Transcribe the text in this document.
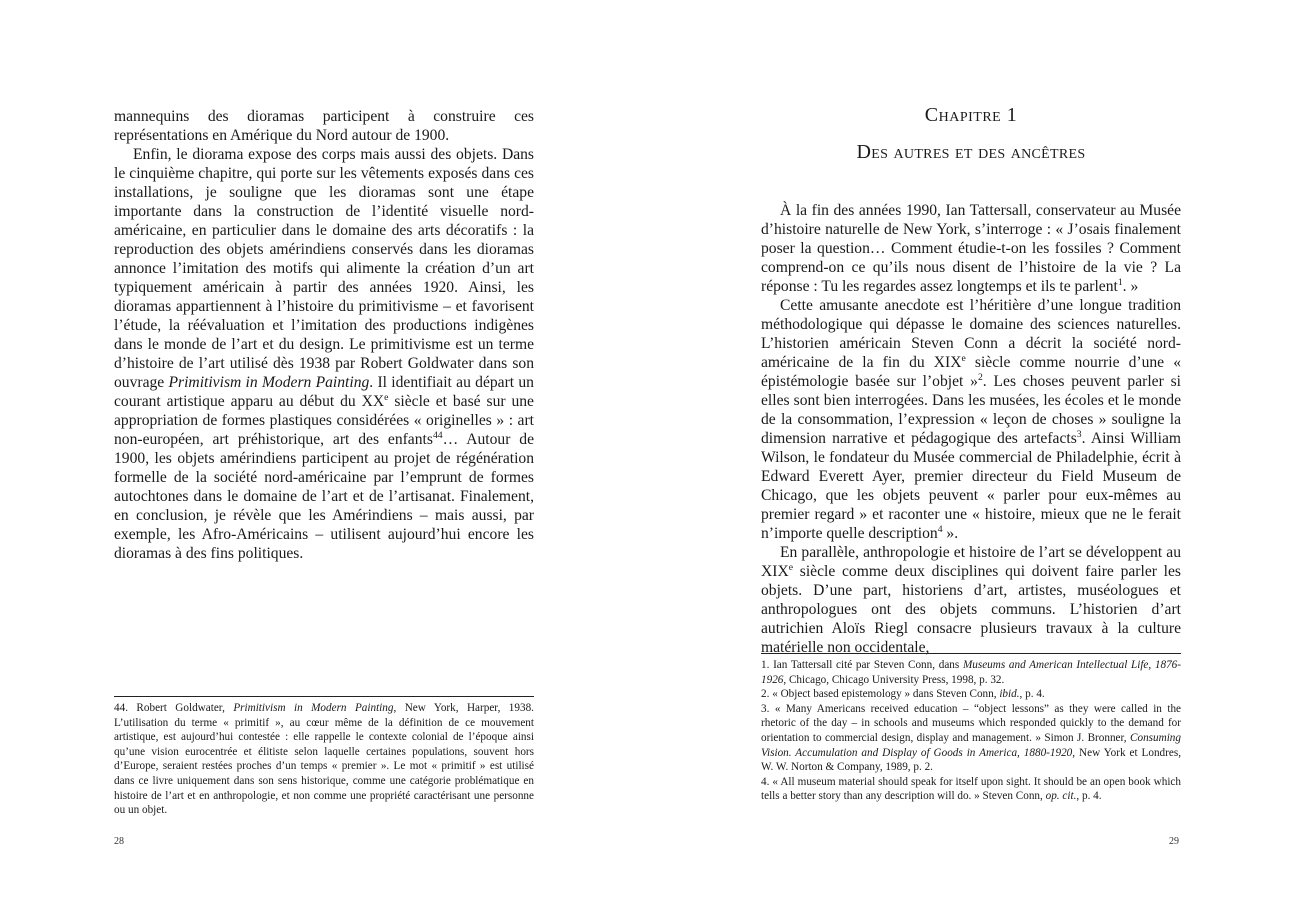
mannequins des dioramas participent à construire ces représentations en Amérique du Nord autour de 1900.

Enfin, le diorama expose des corps mais aussi des objets. Dans le cinquième chapitre, qui porte sur les vêtements exposés dans ces installations, je souligne que les dioramas sont une étape importante dans la construction de l’identité visuelle nord-américaine, en particulier dans le domaine des arts décoratifs : la reproduction des objets amérindiens conservés dans les dioramas annonce l’imitation des motifs qui alimente la création d’un art typiquement américain à partir des années 1920. Ainsi, les dioramas appartiennent à l’histoire du primitivisme – et favorisent l’étude, la réévaluation et l’imitation des productions indigènes dans le monde de l’art et du design. Le primitivisme est un terme d’histoire de l’art utilisé dès 1938 par Robert Goldwater dans son ouvrage Primitivism in Modern Painting. Il identifiait au départ un courant artistique apparu au début du XXe siècle et basé sur une appropriation de formes plastiques considérées « originelles » : art non-européen, art préhistorique, art des enfants$^{44}$… Autour de 1900, les objets amérindiens participent au projet de régénération formelle de la société nord-américaine par l’emprunt de formes autochtones dans le domaine de l’art et de l’artisanat. Finalement, en conclusion, je révèle que les Amérindiens – mais aussi, par exemple, les Afro-Américains – utilisent aujourd’hui encore les dioramas à des fins politiques.

44. Robert Goldwater, Primitivism in Modern Painting, New York, Harper, 1938. L’utilisation du terme « primitif », au cœur même de la définition de ce mouvement artistique, est aujourd’hui contestée : elle rappelle le contexte colonial de l’époque ainsi qu’une vision eurocentrée et élitiste selon laquelle certaines populations, souvent hors d’Europe, seraient restées proches d’un temps « premier ». Le mot « primitif » est utilisé dans ce livre uniquement dans son sens historique, comme une catégorie problématique en histoire de l’art et en anthropologie, et non comme une propriété caractérisant une personne ou un objet.

28
Chapitre 1
Des autres et des ancêtres

À la fin des années 1990, Ian Tattersall, conservateur au Musée d’histoire naturelle de New York, s’interroge : « J’osais finalement poser la question… Comment étudie-t-on les fossiles ? Comment comprend-on ce qu’ils nous disent de l’histoire de la vie ? La réponse : Tu les regardes assez longtemps et ils te parlent$^1$. »

Cette amusante anecdote est l’héritière d’une longue tradition méthodologique qui dépasse le domaine des sciences naturelles. L’historien américain Steven Conn a décrit la société nord-américaine de la fin du XIXe siècle comme nourrie d’une « épistémologie basée sur l’objet »$^2$. Les choses peuvent parler si elles sont bien interrogées. Dans les musées, les écoles et le monde de la consommation, l’expression « leçon de choses » souligne la dimension narrative et pédagogique des artefacts$^3$. Ainsi William Wilson, le fondateur du Musée commercial de Philadelphie, écrit à Edward Everett Ayer, premier directeur du Field Museum de Chicago, que les objets peuvent « parler pour eux-mêmes au premier regard » et raconter une « histoire, mieux que ne le ferait n’importe quelle description$^4$ ».

En parallèle, anthropologie et histoire de l’art se développent au XIXe siècle comme deux disciplines qui doivent faire parler les objets. D’une part, historiens d’art, artistes, muséologues et anthropologues ont des objets communs. L’historien d’art autrichien Aloïs Riegl consacre plusieurs travaux à la culture matérielle non occidentale,

1. Ian Tattersall cité par Steven Conn, dans Museums and American Intellectual Life, 1876-1926, Chicago, Chicago University Press, 1998, p. 32.

2. « Object based epistemology » dans Steven Conn, ibid., p. 4.

3. « Many Americans received education – “object lessons” as they were called in the rhetoric of the day – in schools and museums which responded quickly to the demand for orientation to commercial design, display and management. » Simon J. Bronner, Consuming Vision. Accumulation and Display of Goods in America, 1880-1920, New York et Londres, W. W. Norton & Company, 1989, p. 2.

4. « All museum material should speak for itself upon sight. It should be an open book which tells a better story than any description will do. » Steven Conn, op. cit., p. 4.

29
